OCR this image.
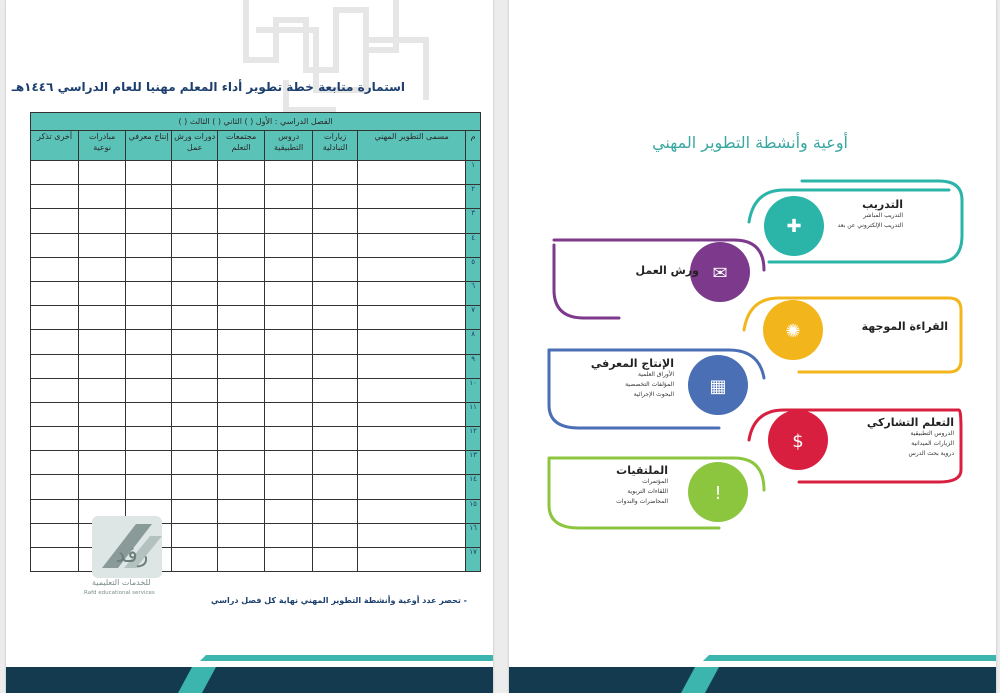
استمارة متابعة خطة تطوير أداء المعلم مهنيا للعام الدراسي ١٤٤٦هـ
الفصل الدراسي : الأول ( ) الثاني ( ) الثالث ( )								
م	مسمى التطوير المهني	زيارات التبادلية	دروس التطبيقية	مجتمعات التعلم	دورات ورش عمل	إنتاج معرفي	مبادرات نوعية	أخرى تذكر
١								
٢								
٣								
٤								
٥								
٦								
٧								
٨								
٩								
١٠								
١١								
١٢								
١٣								
١٤								
١٥								
١٦								
١٧								
رفد
للخدمات التعليمية
Rafd educational services
- تحصر عدد أوعية وأنشطة التطوير المهني نهاية كل فصل دراسي
أوعية وأنشطة التطوير المهني
✚
✉
✺
▦
$
!
التدريب
التدريب المباشر
التدريب الإلكتروني عن بعد
ورش العمل
القراءة الموجهة
الإنتاج المعرفي
الأوراق العلمية
المؤلفات التخصصية
البحوث الإجرائية
التعلم التشاركي
الدروس التطبيقية
الزيارات الميدانية
دروية بحث الدرس
الملتقيات
المؤتمرات
اللقاءات التربوية
المحاضرات والندوات
